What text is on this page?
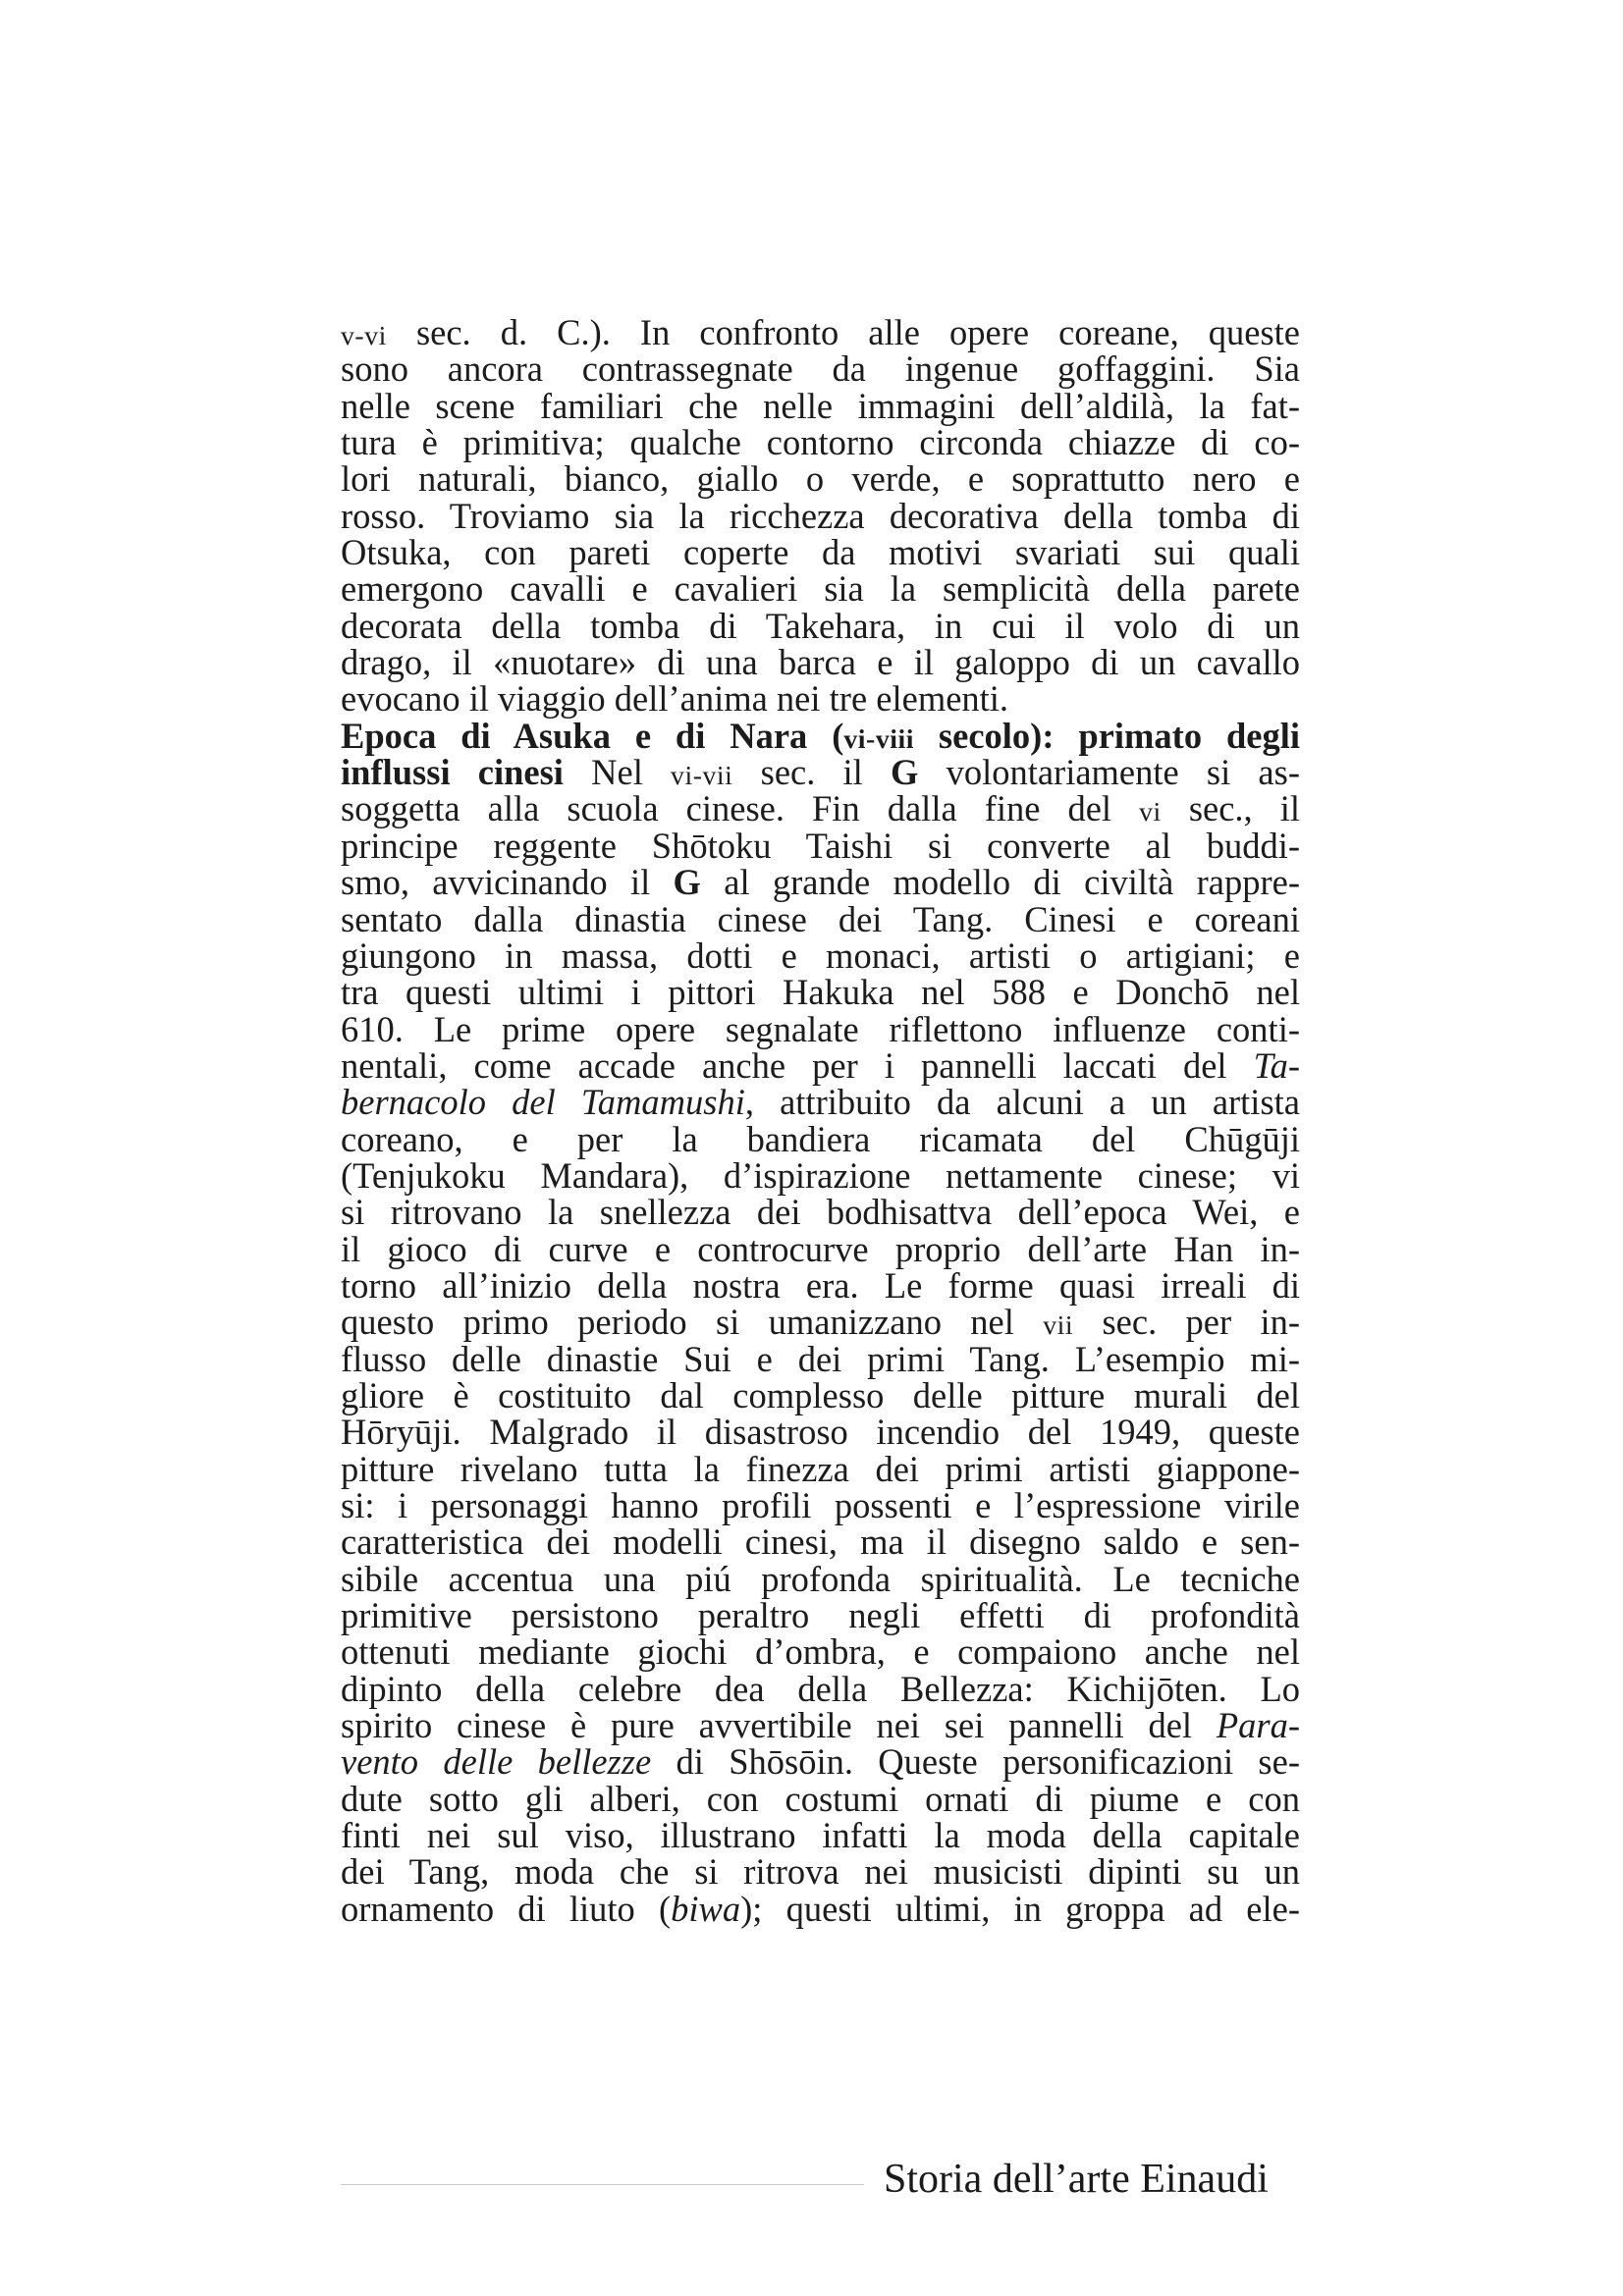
v-vi sec. d. C.). In confronto alle opere coreane, queste
sono ancora contrassegnate da ingenue goffaggini. Sia
nelle scene familiari che nelle immagini dell’aldilà, la fat-
tura è primitiva; qualche contorno circonda chiazze di co-
lori naturali, bianco, giallo o verde, e soprattutto nero e
rosso. Troviamo sia la ricchezza decorativa della tomba di
Otsuka, con pareti coperte da motivi svariati sui quali
emergono cavalli e cavalieri sia la semplicità della parete
decorata della tomba di Takehara, in cui il volo di un
drago, il «nuotare» di una barca e il galoppo di un cavallo
evocano il viaggio dell’anima nei tre elementi.
Epoca di Asuka e di Nara (vi-viii secolo): primato degli
influssi cinesi Nel vi-vii sec. il G volontariamente si as-
soggetta alla scuola cinese. Fin dalla fine del vi sec., il
principe reggente Shōtoku Taishi si converte al buddi-
smo, avvicinando il G al grande modello di civiltà rappre-
sentato dalla dinastia cinese dei Tang. Cinesi e coreani
giungono in massa, dotti e monaci, artisti o artigiani; e
tra questi ultimi i pittori Hakuka nel 588 e Donchō nel
610. Le prime opere segnalate riflettono influenze conti-
nentali, come accade anche per i pannelli laccati del Ta-
bernacolo del Tamamushi, attribuito da alcuni a un artista
coreano, e per la bandiera ricamata del Chūgūji
(Tenjukoku Mandara), d’ispirazione nettamente cinese; vi
si ritrovano la snellezza dei bodhisattva dell’epoca Wei, e
il gioco di curve e controcurve proprio dell’arte Han in-
torno all’inizio della nostra era. Le forme quasi irreali di
questo primo periodo si umanizzano nel vii sec. per in-
flusso delle dinastie Sui e dei primi Tang. L’esempio mi-
gliore è costituito dal complesso delle pitture murali del
Hōryūji. Malgrado il disastroso incendio del 1949, queste
pitture rivelano tutta la finezza dei primi artisti giappone-
si: i personaggi hanno profili possenti e l’espressione virile
caratteristica dei modelli cinesi, ma il disegno saldo e sen-
sibile accentua una piú profonda spiritualità. Le tecniche
primitive persistono peraltro negli effetti di profondità
ottenuti mediante giochi d’ombra, e compaiono anche nel
dipinto della celebre dea della Bellezza: Kichijōten. Lo
spirito cinese è pure avvertibile nei sei pannelli del Para-
vento delle bellezze di Shōsōin. Queste personificazioni se-
dute sotto gli alberi, con costumi ornati di piume e con
finti nei sul viso, illustrano infatti la moda della capitale
dei Tang, moda che si ritrova nei musicisti dipinti su un
ornamento di liuto (biwa); questi ultimi, in groppa ad ele-
Storia dell’arte Einaudi
